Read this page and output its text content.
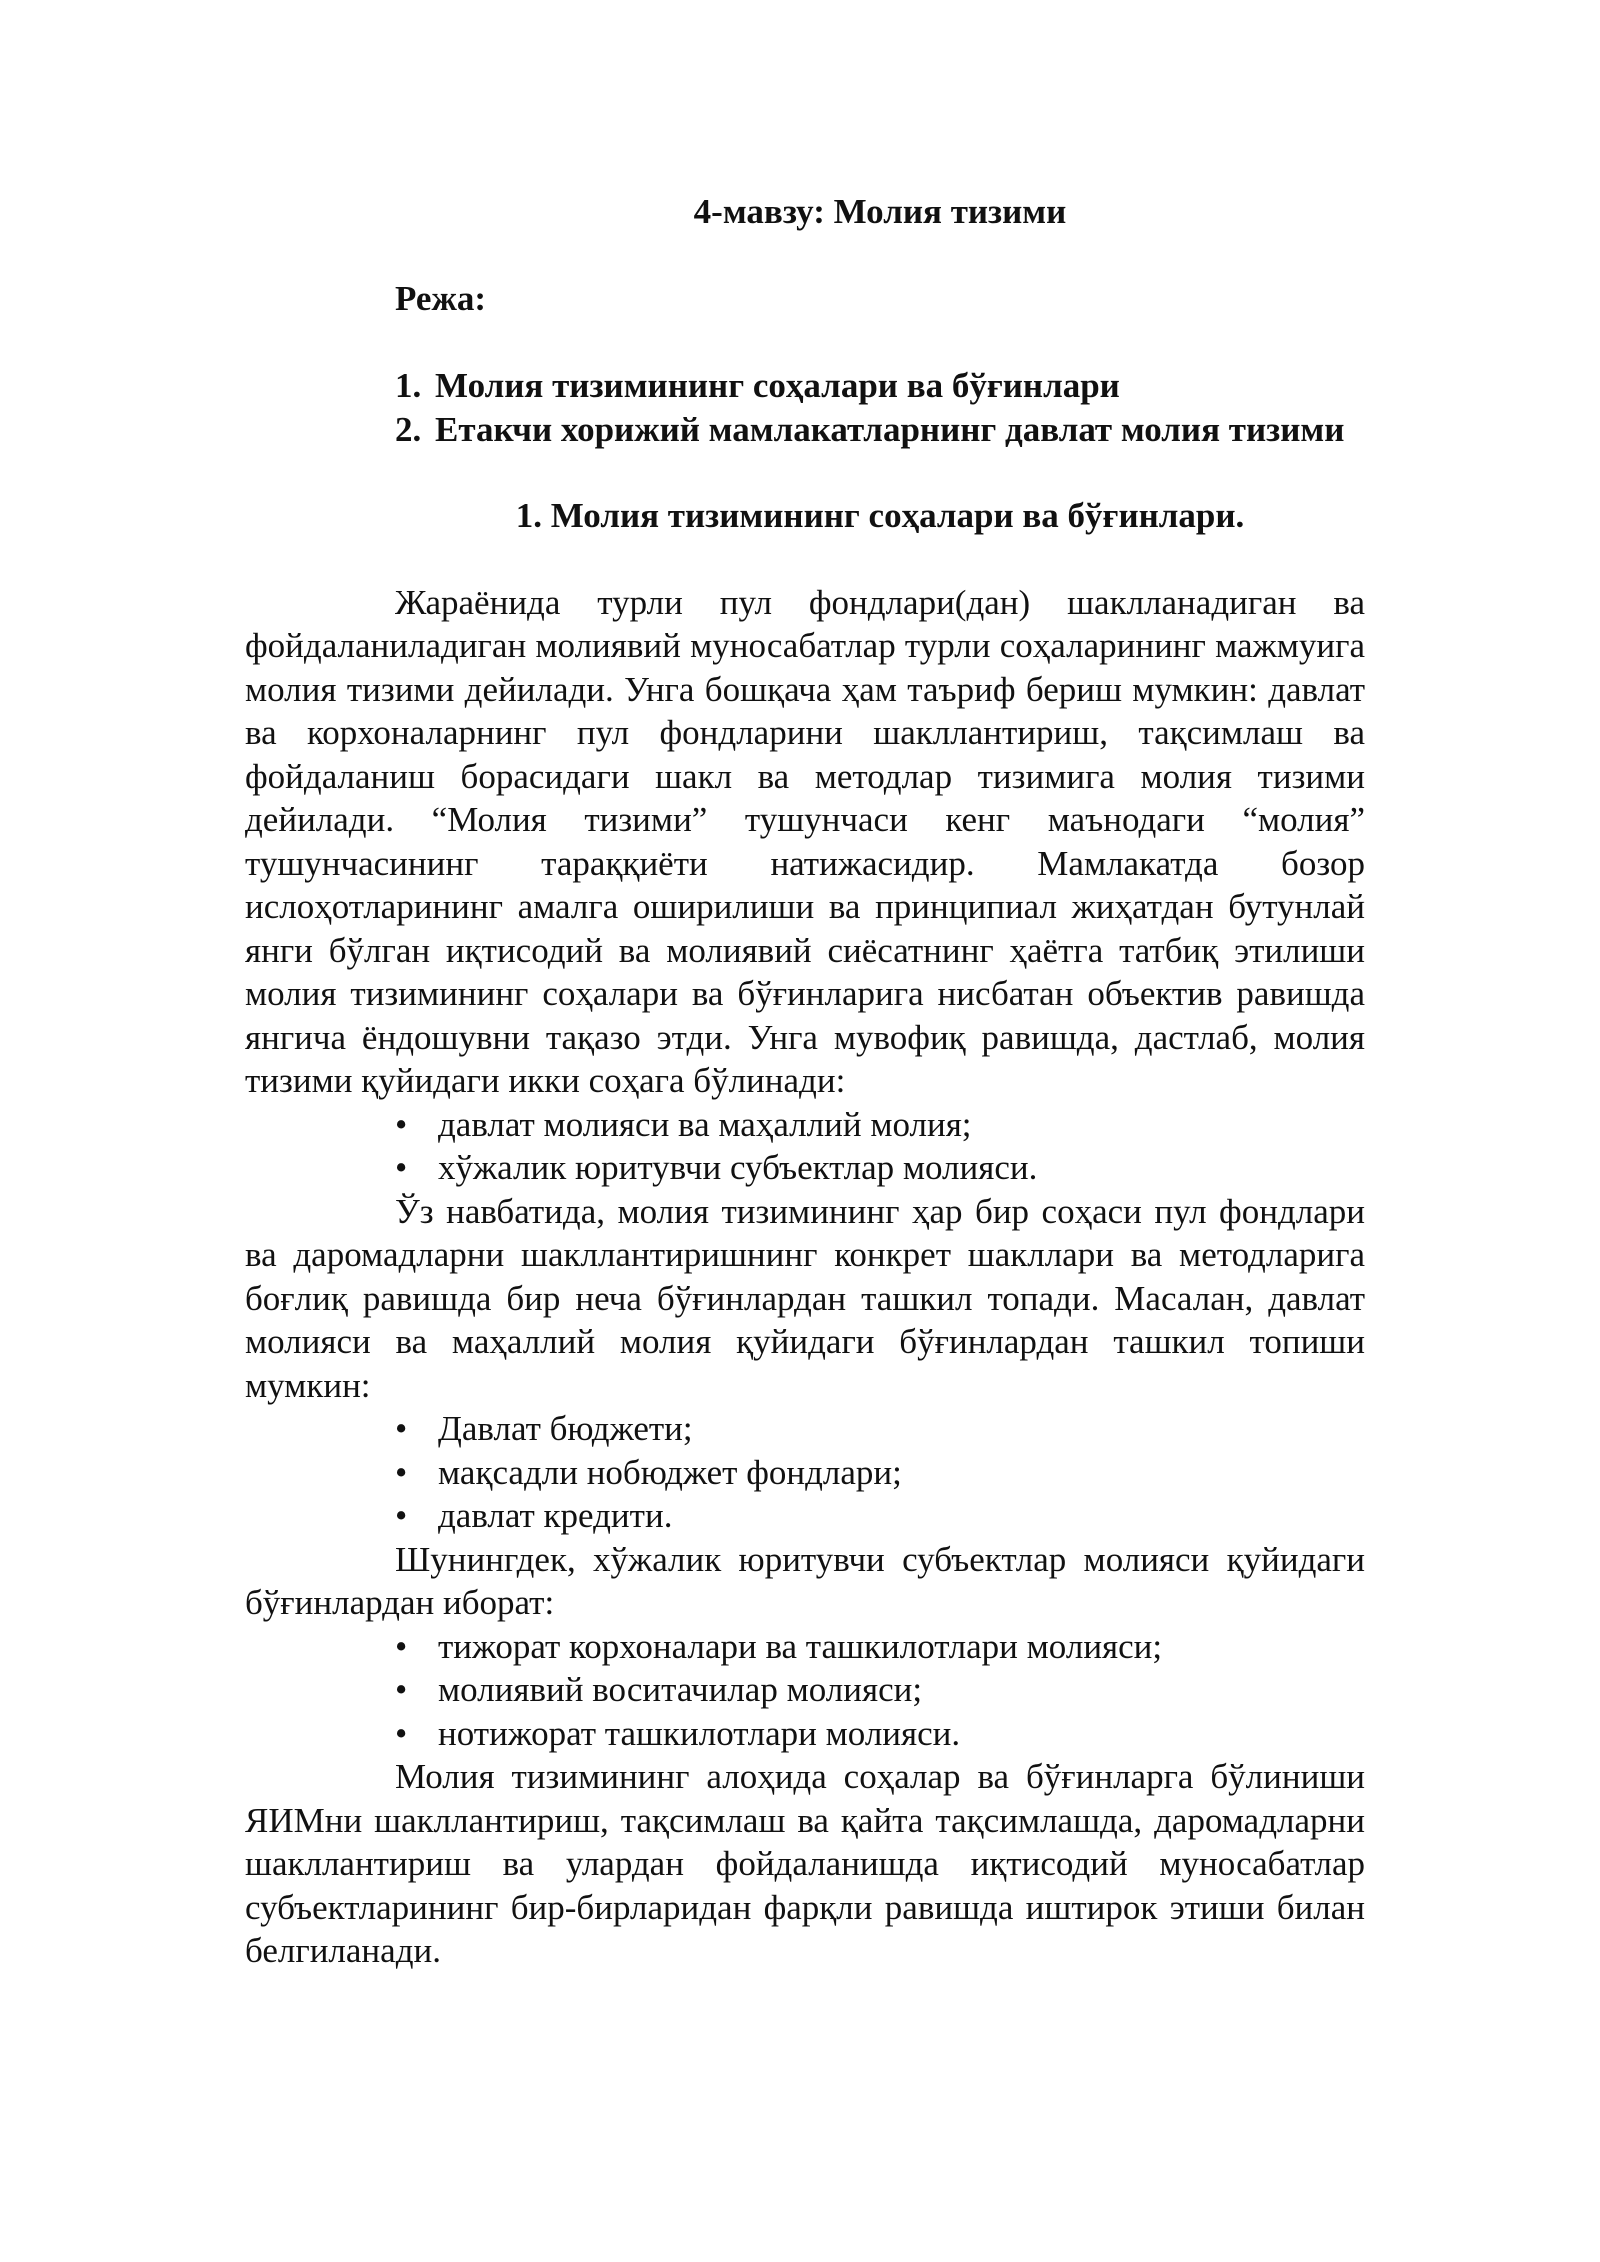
4-мавзу: Молия тизими

Режа:

1. Молия тизимининг соҳалари ва бўғинлари
2. Етакчи хорижий мамлакатларнинг давлат молия тизими

1. Молия тизимининг соҳалари ва бўғинлари.

Жараёнида турли пул фондлари(дан) шаклланадиган ва фойдаланиладиган молиявий муносабатлар турли соҳаларининг мажмуига молия тизими дейилади. Унга бошқача ҳам таъриф бериш мумкин: давлат ва корхоналарнинг пул фондларини шакллантириш, тақсимлаш ва фойдаланиш борасидаги шакл ва методлар тизимига молия тизими дейилади. “Молия тизими” тушунчаси кенг маънодаги “молия” тушунчасининг тараққиёти натижасидир. Мамлакатда бозор ислоҳотларининг амалга оширилиши ва принципиал жиҳатдан бутунлай янги бўлган иқтисодий ва молиявий сиёсатнинг ҳаётга татбиқ этилиши молия тизимининг соҳалари ва бўғинларига нисбатан объектив равишда янгича ёндошувни тақазо этди. Унга мувофиқ равишда, дастлаб, молия тизими қуйидаги икки соҳага бўлинади:

• давлат молияси ва маҳаллий молия;
• хўжалик юритувчи субъектлар молияси.

Ўз навбатида, молия тизимининг ҳар бир соҳаси пул фондлари ва даромадларни шакллантиришнинг конкрет шакллари ва методларига боғлиқ равишда бир неча бўғинлардан ташкил топади. Масалан, давлат молияси ва маҳаллий молия қуйидаги бўғинлардан ташкил топиши мумкин:

• Давлат бюджети;
• мақсадли нобюджет фондлари;
• давлат кредити.

Шунингдек, хўжалик юритувчи субъектлар молияси қуйидаги бўғинлардан иборат:

• тижорат корхоналари ва ташкилотлари молияси;
• молиявий воситачилар молияси;
• нотижорат ташкилотлари молияси.

Молия тизимининг алоҳида соҳалар ва бўғинларга бўлиниши ЯИМни шакллантириш, тақсимлаш ва қайта тақсимлашда, даромадларни шакллантириш ва улардан фойдаланишда иқтисодий муносабатлар субъектларининг бир-бирларидан фарқли равишда иштирок этиши билан белгиланади.
